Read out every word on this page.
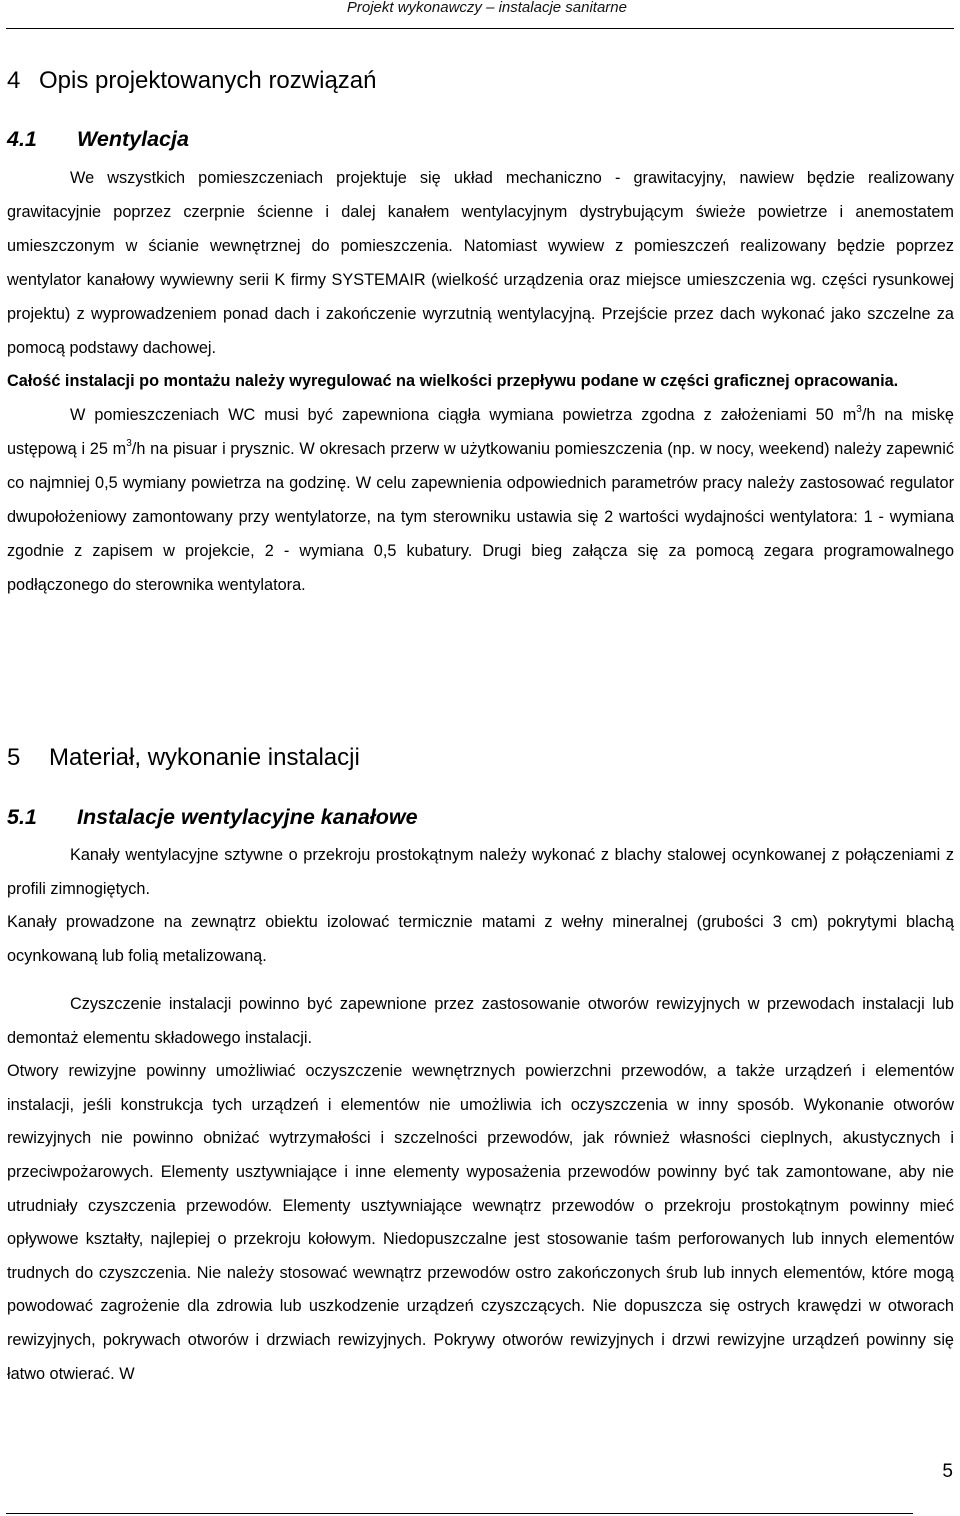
Projekt wykonawczy – instalacje sanitarne
4 Opis projektowanych rozwiązań
4.1 Wentylacja
We wszystkich pomieszczeniach projektuje się układ mechaniczno - grawitacyjny, nawiew będzie realizowany grawitacyjnie poprzez czerpnie ścienne i dalej kanałem wentylacyjnym dystrybującym świeże powietrze i anemostatem umieszczonym w ścianie wewnętrznej do pomieszczenia. Natomiast wywiew z pomieszczeń realizowany będzie poprzez wentylator kanałowy wywiewny serii K firmy SYSTEMAIR (wielkość urządzenia oraz miejsce umieszczenia wg. części rysunkowej projektu) z wyprowadzeniem ponad dach i zakończenie wyrzutnią wentylacyjną. Przejście przez dach wykonać jako szczelne za pomocą podstawy dachowej.
Całość instalacji po montażu należy wyregulować na wielkości przepływu podane w części graficznej opracowania.
W pomieszczeniach WC musi być zapewniona ciągła wymiana powietrza zgodna z założeniami 50 $m^3/h$ na miskę ustępową i 25 $m^3/h$ na pisuar i prysznic. W okresach przerw w użytkowaniu pomieszczenia (np. w nocy, weekend) należy zapewnić co najmniej 0,5 wymiany powietrza na godzinę. W celu zapewnienia odpowiednich parametrów pracy należy zastosować regulator dwupołożeniowy zamontowany przy wentylatorze, na tym sterowniku ustawia się 2 wartości wydajności wentylatora: 1 - wymiana zgodnie z zapisem w projekcie, 2 - wymiana 0,5 kubatury. Drugi bieg załącza się za pomocą zegara programowalnego podłączonego do sterownika wentylatora.
5 Materiał, wykonanie instalacji
5.1 Instalacje wentylacyjne kanałowe
Kanały wentylacyjne sztywne o przekroju prostokątnym należy wykonać z blachy stalowej ocynkowanej z połączeniami z profili zimnogiętych.
Kanały prowadzone na zewnątrz obiektu izolować termicznie matami z wełny mineralnej (grubości 3 cm) pokrytymi blachą ocynkowaną lub folią metalizowaną.
Czyszczenie instalacji powinno być zapewnione przez zastosowanie otworów rewizyjnych w przewodach instalacji lub demontaż elementu składowego instalacji.
Otwory rewizyjne powinny umożliwiać oczyszczenie wewnętrznych powierzchni przewodów, a także urządzeń i elementów instalacji, jeśli konstrukcja tych urządzeń i elementów nie umożliwia ich oczyszczenia w inny sposób. Wykonanie otworów rewizyjnych nie powinno obniżać wytrzymałości i szczelności przewodów, jak również własności cieplnych, akustycznych i przeciwpożarowych. Elementy usztywniające i inne elementy wyposażenia przewodów powinny być tak zamontowane, aby nie utrudniały czyszczenia przewodów. Elementy usztywniające wewnątrz przewodów o przekroju prostokątnym powinny mieć opływowe kształty, najlepiej o przekroju kołowym. Niedopuszczalne jest stosowanie taśm perforowanych lub innych elementów trudnych do czyszczenia. Nie należy stosować wewnątrz przewodów ostro zakończonych śrub lub innych elementów, które mogą powodować zagrożenie dla zdrowia lub uszkodzenie urządzeń czyszczących. Nie dopuszcza się ostrych krawędzi w otworach rewizyjnych, pokrywach otworów i drzwiach rewizyjnych. Pokrywy otworów rewizyjnych i drzwi rewizyjne urządzeń powinny się łatwo otwierać. W
5
